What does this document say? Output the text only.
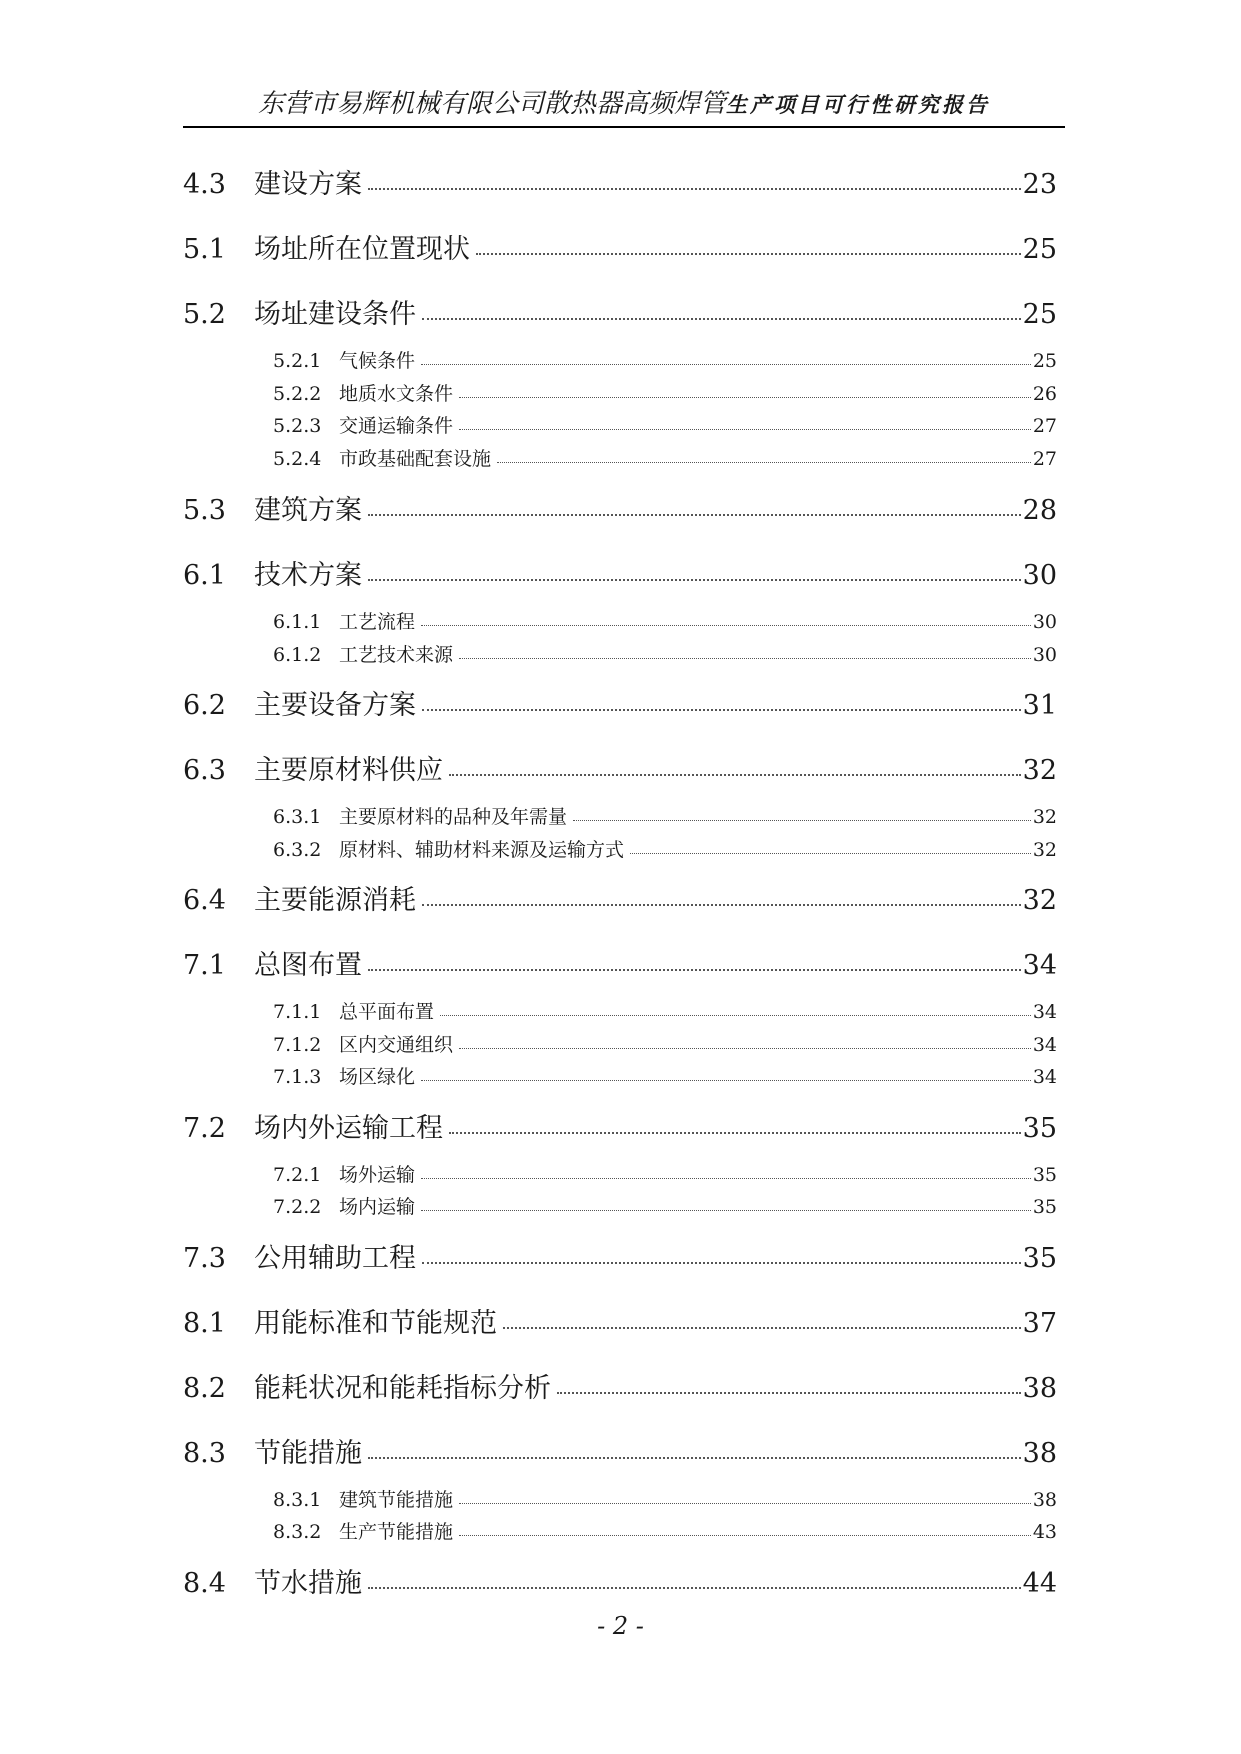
东营市易辉机械有限公司散热器高频焊管生产项目可行性研究报告
4.3	建设方案	23
5.1	场址所在位置现状	25
5.2	场址建设条件	25
5.2.1 气候条件	25
5.2.2 地质水文条件	26
5.2.3 交通运输条件	27
5.2.4 市政基础配套设施	27
5.3	建筑方案	28
6.1	技术方案	30
6.1.1 工艺流程	30
6.1.2 工艺技术来源	30
6.2	主要设备方案	31
6.3	主要原材料供应	32
6.3.1 主要原材料的品种及年需量	32
6.3.2 原材料、辅助材料来源及运输方式	32
6.4	主要能源消耗	32
7.1	总图布置	34
7.1.1 总平面布置	34
7.1.2 区内交通组织	34
7.1.3 场区绿化	34
7.2	场内外运输工程	35
7.2.1 场外运输	35
7.2.2 场内运输	35
7.3	公用辅助工程	35
8.1	用能标准和节能规范	37
8.2	能耗状况和能耗指标分析	38
8.3	节能措施	38
8.3.1 建筑节能措施	38
8.3.2 生产节能措施	43
8.4	节水措施	44
- 2 -
